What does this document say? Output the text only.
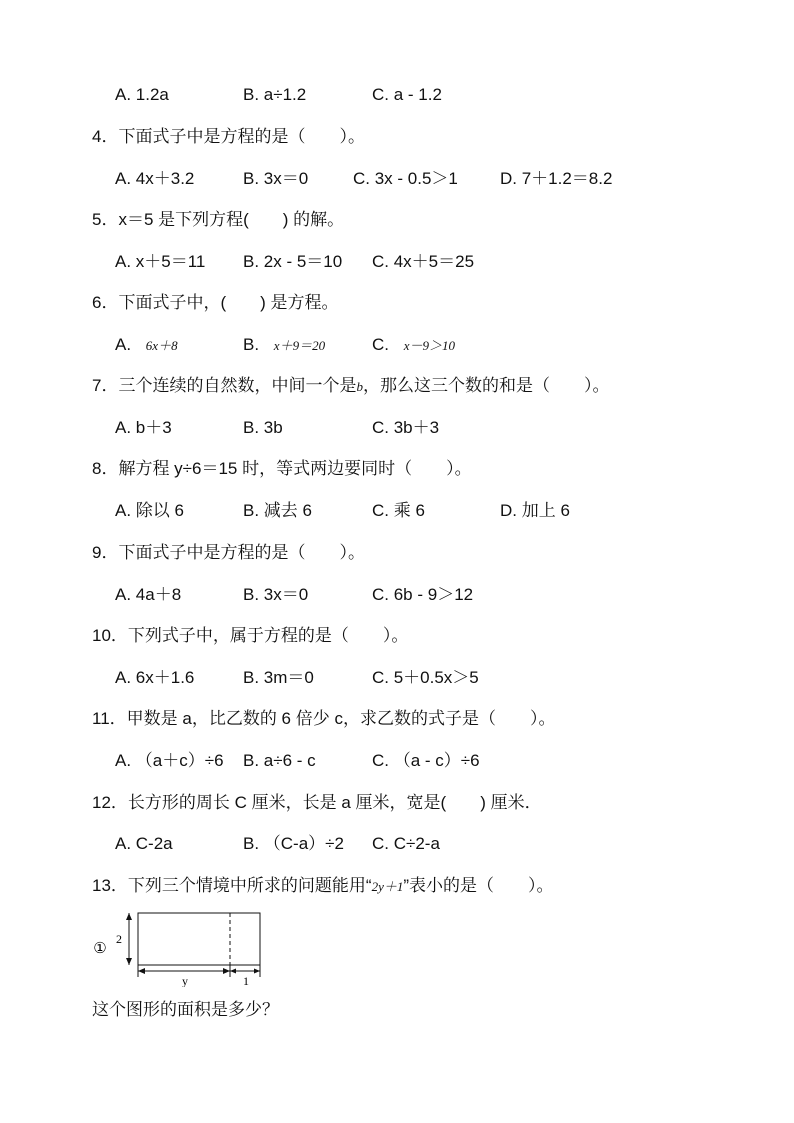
A. 1.2a	B. a÷1.2	C. a - 1.2
4．下面式子中是方程的是（　　）。
A. 4x＋3.2	B. 3x＝0	C. 3x - 0.5＞1 D. 7＋1.2＝8.2
5．x＝5 是下列方程(　　) 的解。
A. x＋5＝11 B. 2x - 5＝10 C. 4x＋5＝25
6．下面式子中，(　　) 是方程。
A. 6x＋8	B. x＋9＝20	C. x－9＞10
7．三个连续的自然数，中间一个是b，那么这三个数的和是（　　）。
A. b＋3	B. 3b	C. 3b＋3
8．解方程 y÷6＝15 时，等式两边要同时（　　）。
A. 除以 6	B. 减去 6	C. 乘 6	D. 加上 6
9．下面式子中是方程的是（　　）。
A. 4a＋8	B. 3x＝0	C. 6b - 9＞12
10．下列式子中，属于方程的是（　　）。
A. 6x＋1.6	B. 3m＝0	C. 5＋0.5x＞5
11．甲数是 a，比乙数的 6 倍少 c，求乙数的式子是（　　）。
A. （a＋c）÷6 B. a÷6 - c	C. （a - c）÷6
12．长方形的周长 C 厘米，长是 a 厘米，宽是(　　) 厘米．
A. C-2a	B. （C-a）÷2 C. C÷2-a
13．下列三个情境中所求的问题能用“2y＋1”表小的是（　　）。
① 2
y	1
这个图形的面积是多少？
